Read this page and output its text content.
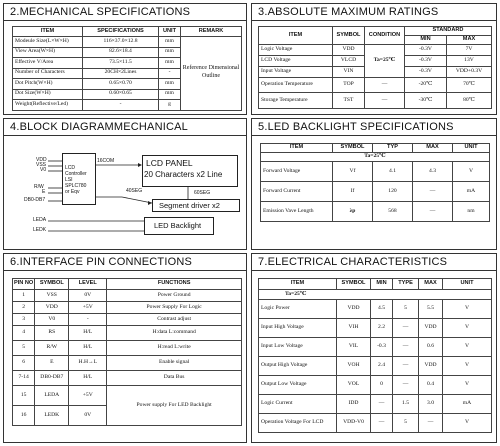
2.MECHANICAL SPECIFICATIONS
ITEM	SPECIFICATIONS	UNIT	REMARK
Modeule Size(L×W×H)	116×37.0×12.8	mm	Reference Dimensional Outline
View Area(W×H)	82.6×18.4	mm	
Effective V/Area	73.5×11.5	mm	
Number of Characters	20CH×2Lines	-	
Dot Pitch(W×H)	0.65×0.70	mm	
Dot Size(W×H)	0.60×0.65	mm	
Weight(Reflective/Led)	-	g	
3.ABSOLUTE MAXIMUM RATINGS
ITEM	SYMBOL	CONDITION	STANDARD	
			MIN	MAX
Logic Voltage	VDD	Ta=25℃	-0.3V	7V
LCD Voltage	VLCD		-0.3V	13V
Input Voltage	VIN		-0.3V	VDD+0.3V
Operation Temperature	TOP	—	-20℃	70℃
Storage Temperature	TST	—	-30℃	80℃
4.BLOCK DIAGRAMMECHANICAL
VDD
VSS
V0
R/W
E
DB0-DB7
LEDA
LEDK
LCD
Controller
LSI
SPLC780
or Eqv
16COM	LCD PANEL
20 Characters x2 Line
40SEG	60SEG
Segment driver x2
LED Backlight
5.LED BACKLIGHT SPECIFICATIONS
ITEM	SYMBOL	TYP	MAX	UNIT
Ta=25℃				
Forward Voltage	Vf	4.1	4.3	V
Forward Current	If	120	—	mA
Emission Vave Length	λp	568	—	nm
6.INTERFACE PIN CONNECTIONS
PIN NO	SYMBOL	LEVEL	FUNCTIONS
1	VSS	0V	Power Ground
2	VDD	+5V	Power Supply For Logic
3	V0	-	Contrast adjust
4	RS	H/L	H:data L:command
5	R/W	H/L	H:read L:write
6	E	H.H→L	Enable signal
7-14	DB0-DB7	H/L	Data Bus
15	LEDA	+5V	Power supply For LED Backlight
16	LEDK	0V	
7.ELECTRICAL CHARACTERISTICS
ITEM	SYMBOL	MIN	TYPE	MAX	UNIT
Ta=25℃					
Logic Power	VDD	4.5	5	5.5	V
Input High Voltage	VIH	2.2	—	VDD	V
Input Low Voltage	VIL	-0.3	—	0.6	V
Output High Voltage	VOH	2.4	—	VDD	V
Output Low Voltage	VOL	0	—	0.4	V
Logic Current	IDD	—	1.5	3.0	mA
Operation Voltage For LCD	VDD-V0	—	5	—	V
